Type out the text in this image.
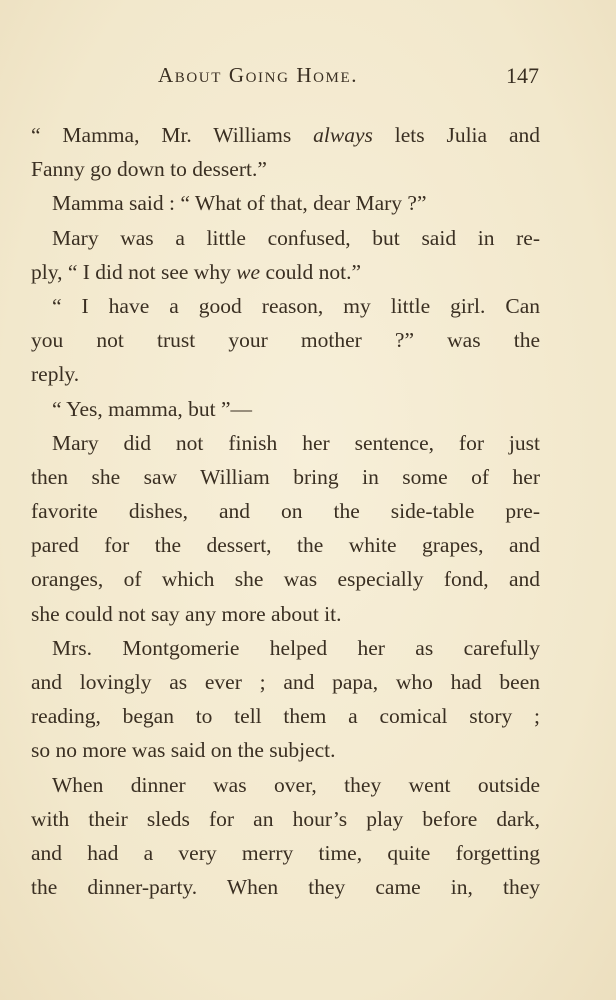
About Going Home.	147
“ Mamma, Mr. Williams always lets Julia and
Fanny go down to dessert.”
Mamma said : “ What of that, dear Mary ?”
Mary was a little confused, but said in re-
ply, “ I did not see why we could not.”
“ I have a good reason, my little girl. Can
you not trust your mother ?” was the
reply.
“ Yes, mamma, but ”—
Mary did not finish her sentence, for just
then she saw William bring in some of her
favorite dishes, and on the side-table pre-
pared for the dessert, the white grapes, and
oranges, of which she was especially fond, and
she could not say any more about it.
Mrs. Montgomerie helped her as carefully
and lovingly as ever ; and papa, who had been
reading, began to tell them a comical story ;
so no more was said on the subject.
When dinner was over, they went outside
with their sleds for an hour’s play before dark,
and had a very merry time, quite forgetting
the dinner-party. When they came in, they
